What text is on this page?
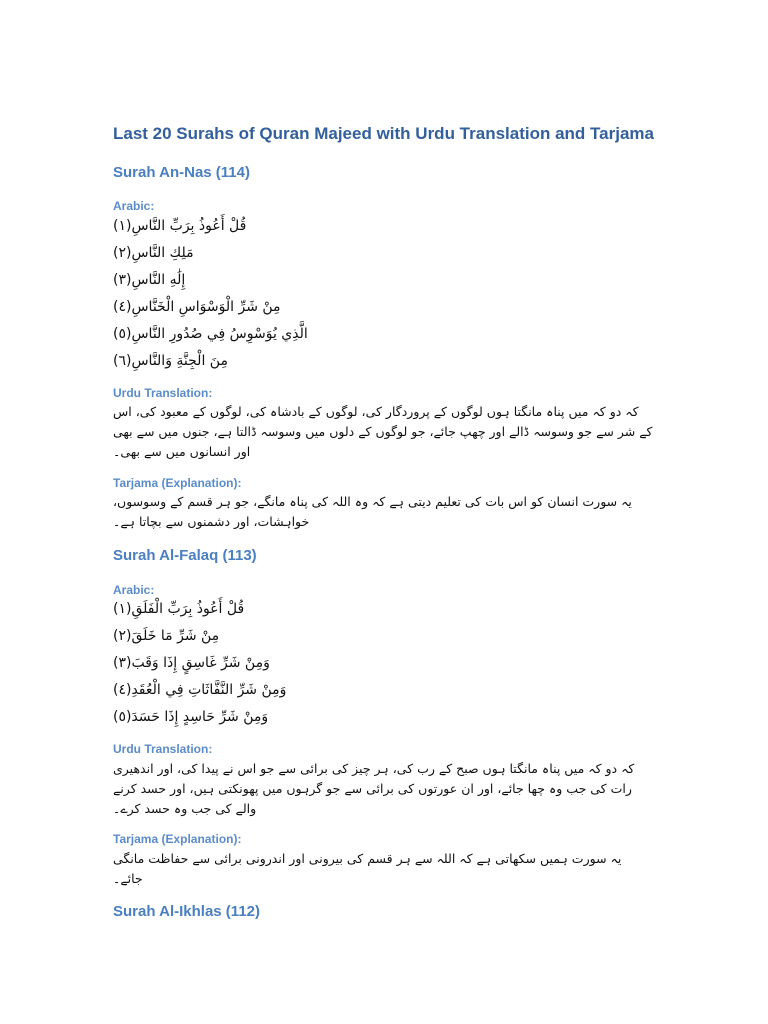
Last 20 Surahs of Quran Majeed with Urdu Translation and Tarjama
Surah An-Nas (114)
Arabic:
قُلْ أَعُوذُ بِرَبِّ النَّاسِ(١)
مَلِكِ النَّاسِ(٢)
إِلَٰهِ النَّاسِ(٣)
مِنْ شَرِّ الْوَسْوَاسِ الْخَنَّاسِ(٤)
الَّذِي يُوَسْوِسُ فِي صُدُورِ النَّاسِ(٥)
مِنَ الْجِنَّةِ وَالنَّاسِ(٦)
Urdu Translation:

کہ دو کہ میں پناہ مانگتا ہوں لوگوں کے پروردگار کی، لوگوں کے بادشاہ کی، لوگوں کے معبود کی، اس کے شر سے جو وسوسہ ڈالے اور چھپ جائے، جو لوگوں کے دلوں میں وسوسہ ڈالتا ہے، جنوں میں سے بھی اور انسانوں میں سے بھی۔

Tarjama (Explanation):

یہ سورت انسان کو اس بات کی تعلیم دیتی ہے کہ وہ اللہ کی پناہ مانگے، جو ہر قسم کے وسوسوں، خواہشات، اور دشمنوں سے بچاتا ہے۔

Surah Al-Falaq (113)
Arabic:
قُلْ أَعُوذُ بِرَبِّ الْفَلَقِ(١)
مِنْ شَرِّ مَا خَلَقَ(٢)
وَمِنْ شَرِّ غَاسِقٍ إِذَا وَقَبَ(٣)
وَمِنْ شَرِّ النَّفَّاثَاتِ فِي الْعُقَدِ(٤)
وَمِنْ شَرِّ حَاسِدٍ إِذَا حَسَدَ(٥)
Urdu Translation:

کہ دو کہ میں پناہ مانگتا ہوں صبح کے رب کی، ہر چیز کی برائی سے جو اس نے پیدا کی، اور اندھیری رات کی جب وہ چھا جائے، اور ان عورتوں کی برائی سے جو گرہوں میں پھونکتی ہیں، اور حسد کرنے والے کی جب وہ حسد کرے۔

Tarjama (Explanation):

یہ سورت ہمیں سکھاتی ہے کہ اللہ سے ہر قسم کی بیرونی اور اندرونی برائی سے حفاظت مانگی جائے۔

Surah Al-Ikhlas (112)
